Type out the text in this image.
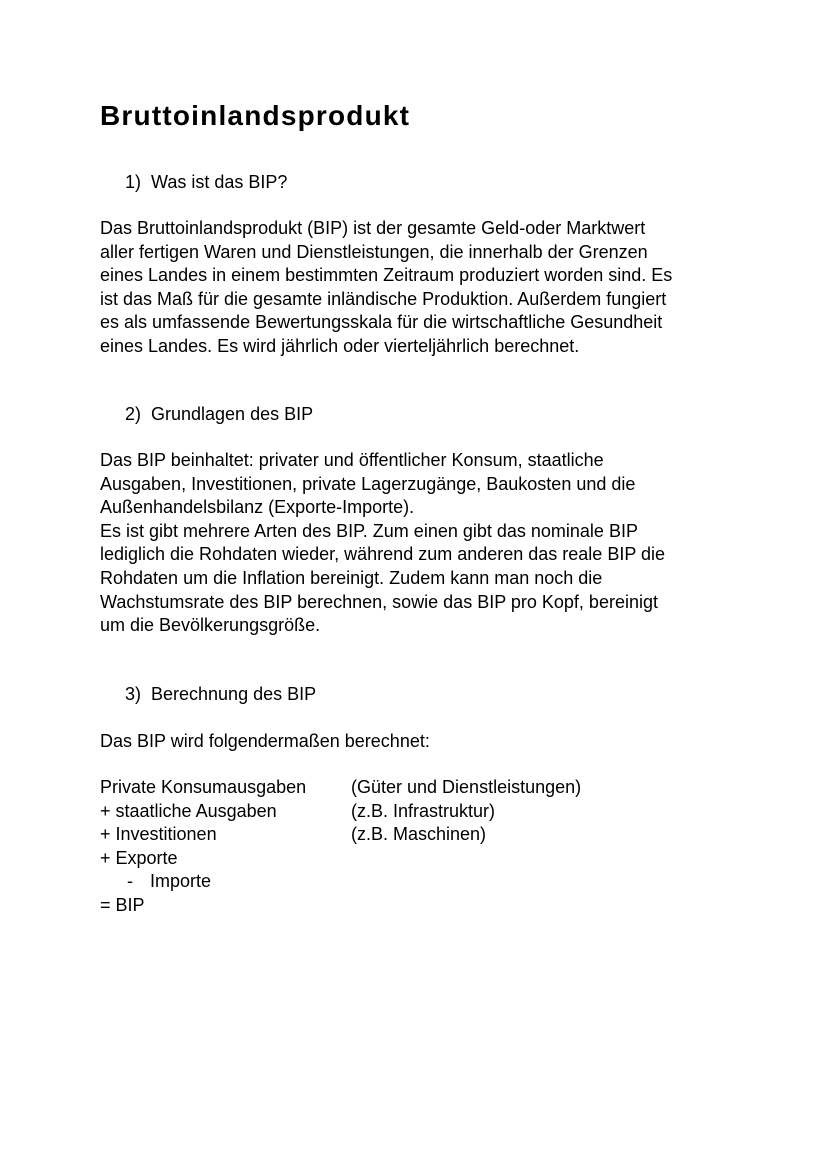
Bruttoinlandsprodukt
1) Was ist das BIP?
Das Bruttoinlandsprodukt (BIP) ist der gesamte Geld-oder Marktwert
aller fertigen Waren und Dienstleistungen, die innerhalb der Grenzen
eines Landes in einem bestimmten Zeitraum produziert worden sind. Es
ist das Maß für die gesamte inländische Produktion. Außerdem fungiert
es als umfassende Bewertungsskala für die wirtschaftliche Gesundheit
eines Landes. Es wird jährlich oder vierteljährlich berechnet.
2) Grundlagen des BIP
Das BIP beinhaltet: privater und öffentlicher Konsum, staatliche
Ausgaben, Investitionen, private Lagerzugänge, Baukosten und die
Außenhandelsbilanz (Exporte-Importe).
Es ist gibt mehrere Arten des BIP. Zum einen gibt das nominale BIP
lediglich die Rohdaten wieder, während zum anderen das reale BIP die
Rohdaten um die Inflation bereinigt. Zudem kann man noch die
Wachstumsrate des BIP berechnen, sowie das BIP pro Kopf, bereinigt
um die Bevölkerungsgröße.
3) Berechnung des BIP
Das BIP wird folgendermaßen berechnet:
Private Konsumausgaben (Güter und Dienstleistungen)
+ staatliche Ausgaben	(z.B. Infrastruktur)
+ Investitionen	(z.B. Maschinen)
+ Exporte
- Importe
= BIP
